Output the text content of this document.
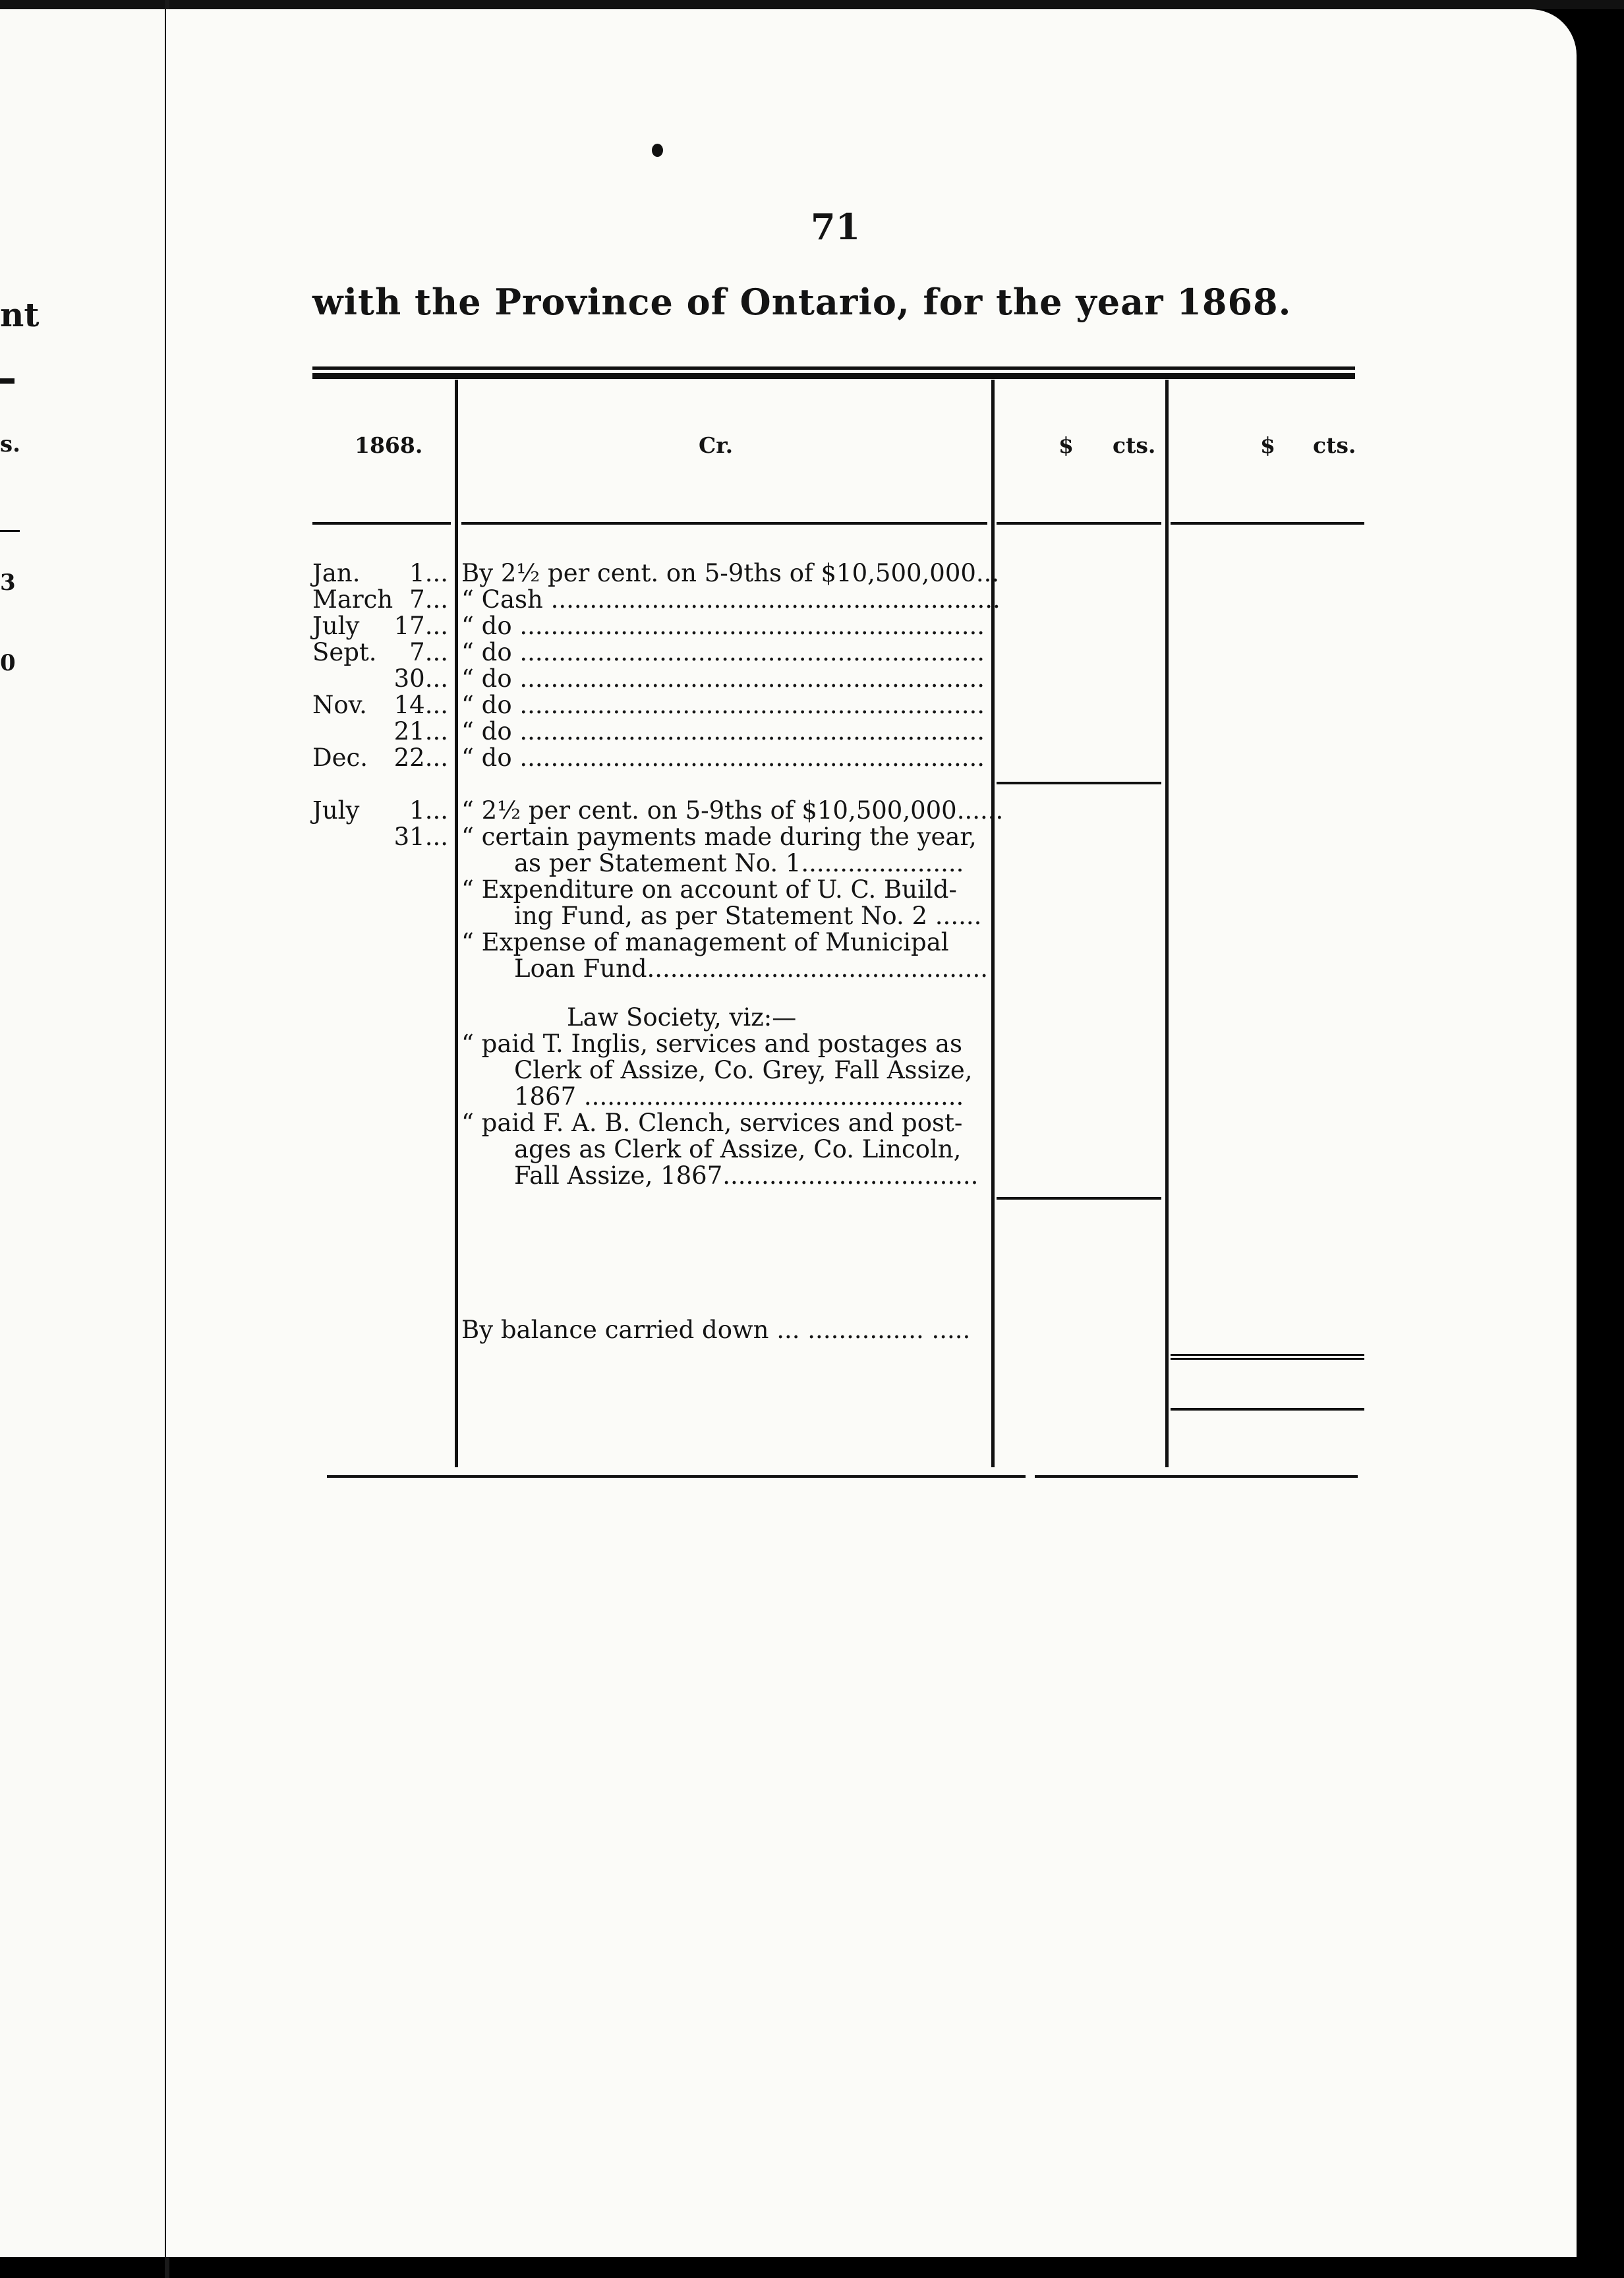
nt
s.
3
0
71
with the Province of Ontario, for the year 1868.
1868.	Cr.	$ cts.	$ cts.
Jan.	1... By 2½ per cent. on 5-9ths of $10,500,000...
March 7... “ Cash ..........................................................
July	17... “ do ............................................................
Sept.	7... “ do ............................................................
30... “ do ............................................................
Nov.	14... “ do ............................................................
21... “ do ............................................................
Dec.	22... “ do ............................................................
July	1... “ 2½ per cent. on 5-9ths of $10,500,000......
31... “ certain payments made during the year,
as per Statement No. 1.....................
“ Expenditure on account of U. C. Build-
ing Fund, as per Statement No. 2 ......
“ Expense of management of Municipal
Loan Fund............................................
Law Society, viz:—
“ paid T. Inglis, services and postages as
Clerk of Assize, Co. Grey, Fall Assize,
1867 .................................................
“ paid F. A. B. Clench, services and post-
ages as Clerk of Assize, Co. Lincoln,
Fall Assize, 1867.................................
By balance carried down ... ............... .....
